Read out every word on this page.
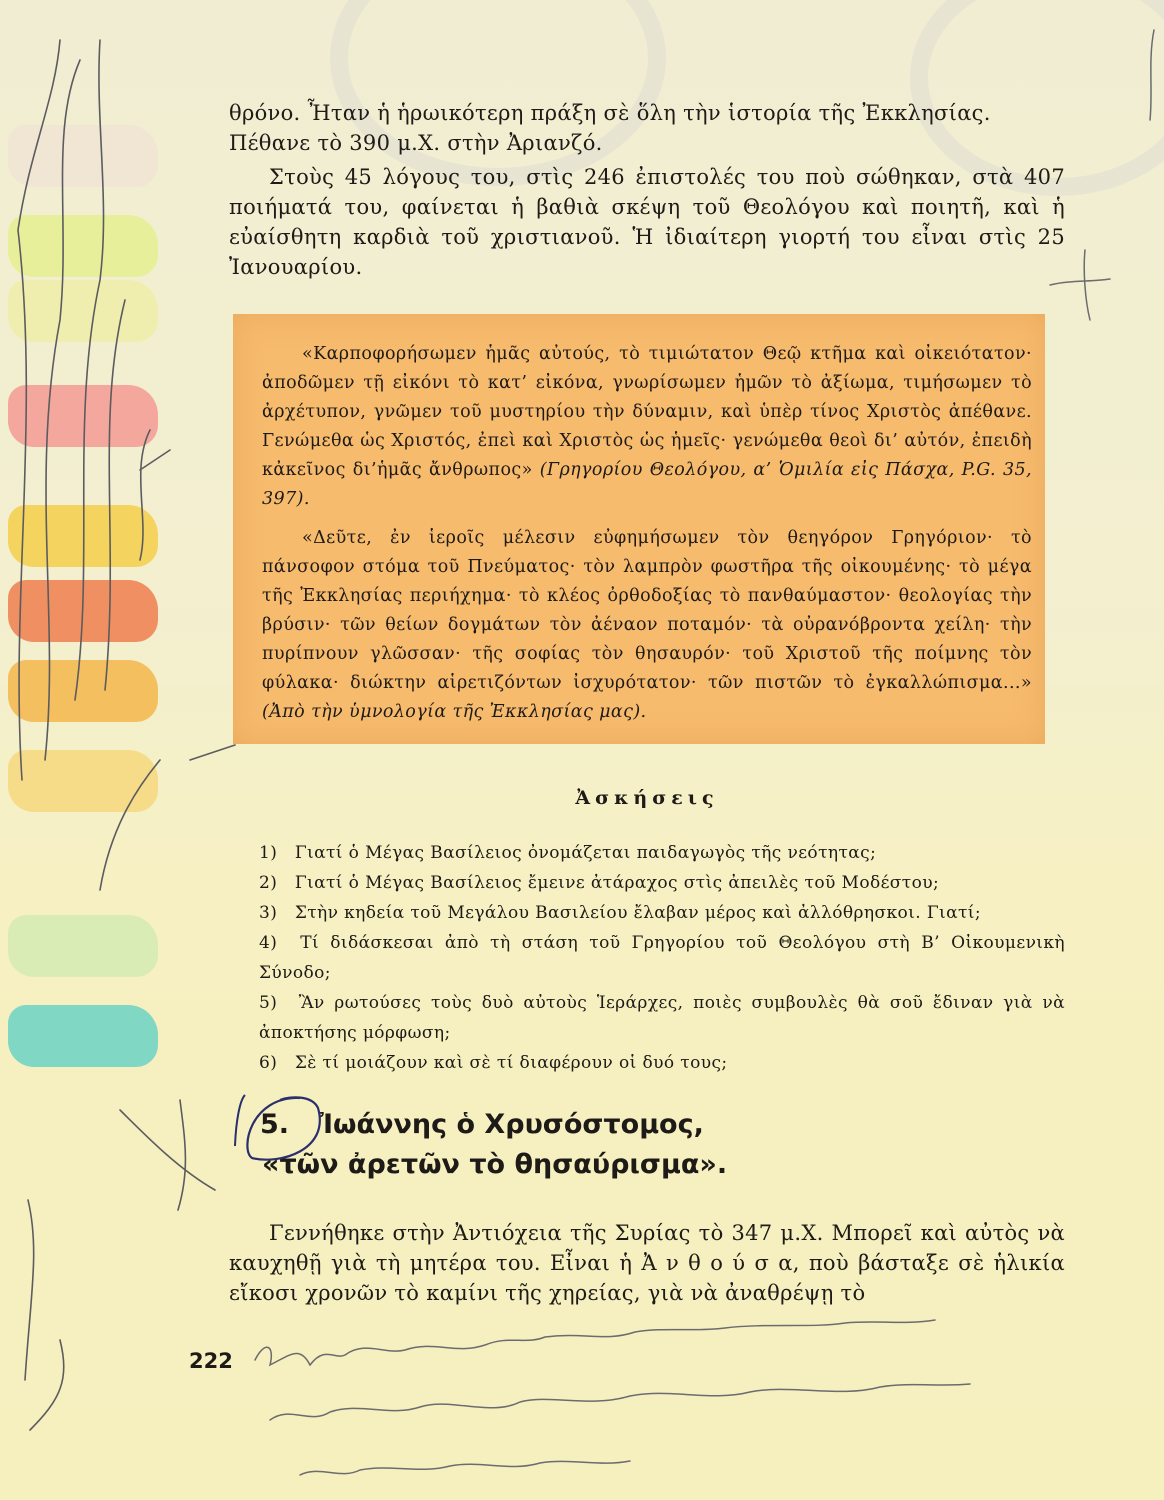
θρόνο. Ἦταν ἡ ἡρωικότερη πράξη σὲ ὅλη τὴν ἱστορία τῆς Ἐκκλησίας.

Πέθανε τὸ 390 μ.Χ. στὴν Ἀριανζό.

Στοὺς 45 λόγους του, στὶς 246 ἐπιστολές του ποὺ σώθηκαν, στὰ 407 ποιήματά του, φαίνεται ἡ βαθιὰ σκέψη τοῦ Θεολόγου καὶ ποιητῆ, καὶ ἡ εὐαίσθητη καρδιὰ τοῦ χριστιανοῦ. Ἡ ἰδιαίτερη γιορτή του εἶναι στὶς 25 Ἰανουαρίου.

«Καρποφορήσωμεν ἡμᾶς αὐτούς, τὸ τιμιώτατον Θεῷ κτῆμα καὶ οἰκειότατον· ἀποδῶμεν τῇ εἰκόνι τὸ κατ’ εἰκόνα, γνωρίσωμεν ἡμῶν τὸ ἀξίωμα, τιμήσωμεν τὸ ἀρχέτυπον, γνῶμεν τοῦ μυστηρίου τὴν δύναμιν, καὶ ὑπὲρ τίνος Χριστὸς ἀπέθανε. Γενώμεθα ὡς Χριστός, ἐπεὶ καὶ Χριστὸς ὡς ἡμεῖς· γενώμεθα θεοὶ δι’ αὐτόν, ἐπειδὴ κἀκεῖνος δι’ἡμᾶς ἄνθρωπος» (Γρηγορίου Θεολόγου, α’ Ὁμιλία εἰς Πάσχα, P.G. 35, 397).

«Δεῦτε, ἐν ἱεροῖς μέλεσιν εὐφημήσωμεν τὸν θεηγόρον Γρηγόριον· τὸ πάνσοφον στόμα τοῦ Πνεύματος· τὸν λαμπρὸν φωστῆρα τῆς οἰκουμένης· τὸ μέγα τῆς Ἐκκλησίας περιήχημα· τὸ κλέος ὀρθοδοξίας τὸ πανθαύμαστον· θεολογίας τὴν βρύσιν· τῶν θείων δογμάτων τὸν ἀέναον ποταμόν· τὰ οὐρανόβροντα χείλη· τὴν πυρίπνουν γλῶσσαν· τῆς σοφίας τὸν θησαυρόν· τοῦ Χριστοῦ τῆς ποίμνης τὸν φύλακα· διώκτην αἱρετιζόντων ἰσχυρότατον· τῶν πιστῶν τὸ ἐγκαλλώπισμα...» (Ἀπὸ τὴν ὑμνολογία τῆς Ἐκκλησίας μας).

Ἀσκήσεις
1) Γιατί ὁ Μέγας Βασίλειος ὀνομάζεται παιδαγωγὸς τῆς νεότητας;
2) Γιατί ὁ Μέγας Βασίλειος ἔμεινε ἀτάραχος στὶς ἀπειλὲς τοῦ Μοδέστου;
3) Στὴν κηδεία τοῦ Μεγάλου Βασιλείου ἔλαβαν μέρος καὶ ἀλλόθρησκοι. Γιατί;
4) Τί διδάσκεσαι ἀπὸ τὴ στάση τοῦ Γρηγορίου τοῦ Θεολόγου στὴ Β’ Οἰκουμενικὴ Σύνοδο;
5) Ἂν ρωτούσες τοὺς δυὸ αὐτοὺς Ἱεράρχες, ποιὲς συμβουλὲς θὰ σοῦ ἔδιναν γιὰ νὰ ἀποκτήσης μόρφωση;
6) Σὲ τί μοιάζουν καὶ σὲ τί διαφέρουν οἱ δυό τους;
5. Ἰωάννης ὁ Χρυσόστομος,
«τῶν ἀρετῶν τὸ θησαύρισμα».

Γεννήθηκε στὴν Ἀντιόχεια τῆς Συρίας τὸ 347 μ.Χ. Μπορεῖ καὶ αὐτὸς νὰ καυχηθῇ γιὰ τὴ μητέρα του. Εἶναι ἡ Ἀ ν θ ο ύ σ α, ποὺ βάσταξε σὲ ἡλικία εἴκοσι χρονῶν τὸ καμίνι τῆς χηρείας, γιὰ νὰ ἀναθρέψῃ τὸ

222
